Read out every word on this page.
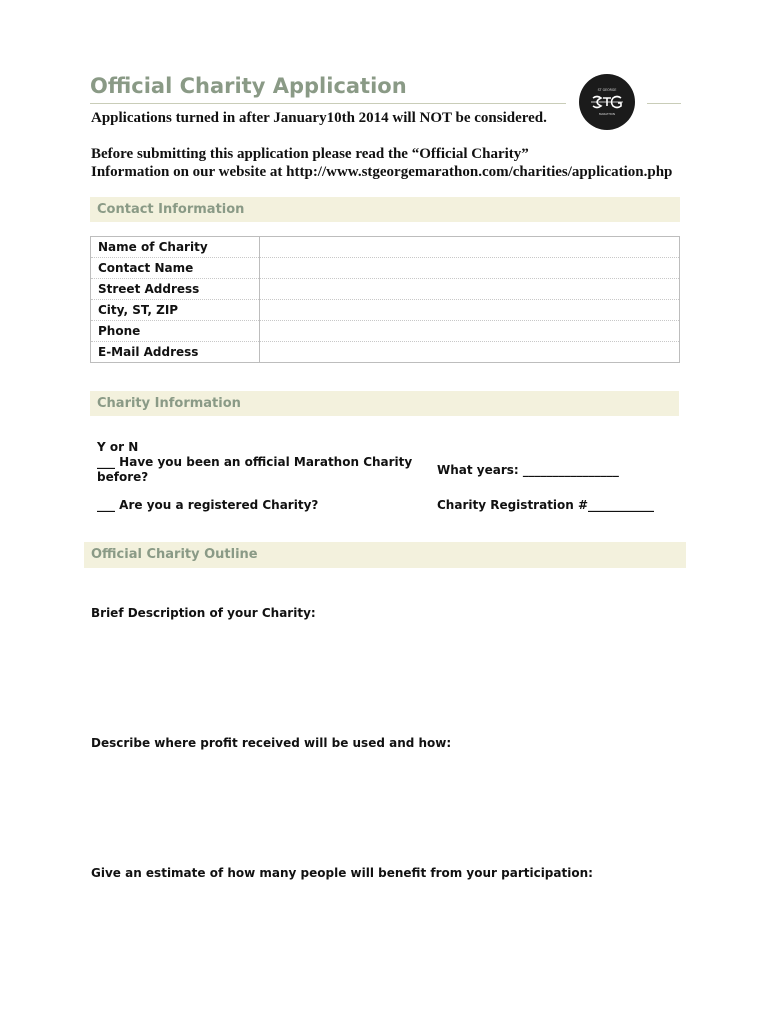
Official Charity Application	ST GEORGE
MARATHON
Applications turned in after January10th 2014 will NOT be considered.
Before submitting this application please read the “Official Charity”
Information on our website at http://www.stgeorgemarathon.com/charities/application.php
Contact Information
Name of Charity	
Contact Name	
Street Address	
City, ST, ZIP	
Phone	
E-Mail Address	
Charity Information
Y or N
___ Have you been an official Marathon Charity
before?	What years: ________________
___ Are you a registered Charity?	Charity Registration #___________
Official Charity Outline
Brief Description of your Charity:
Describe where profit received will be used and how:
Give an estimate of how many people will benefit from your participation:
